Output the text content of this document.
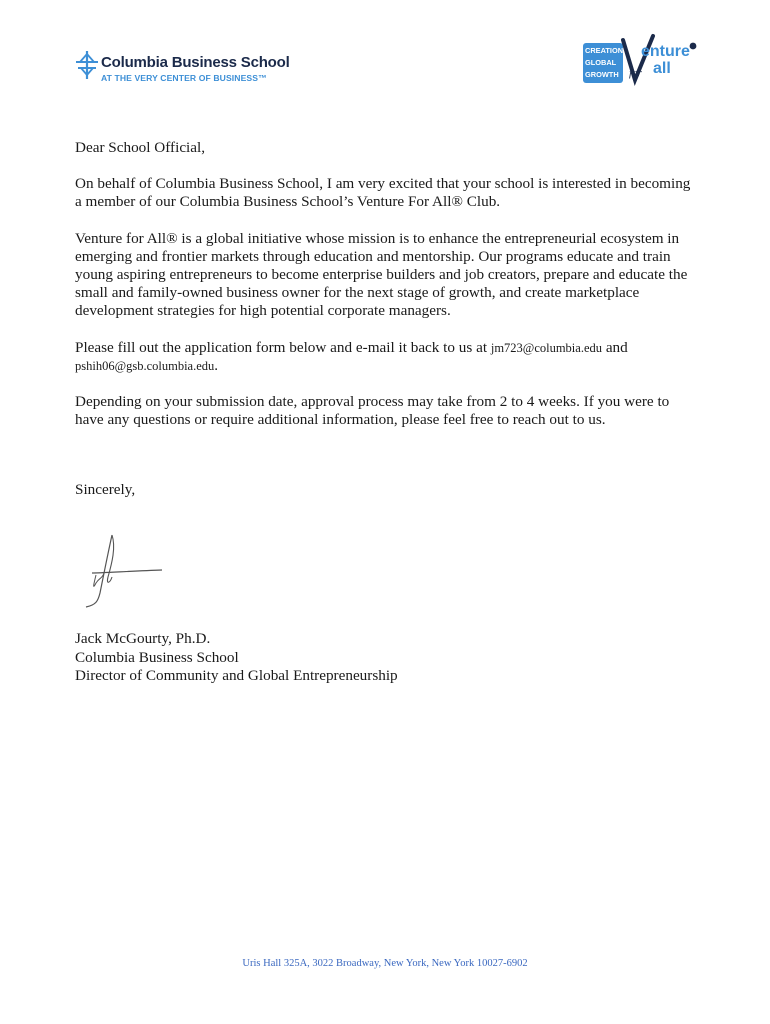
Columbia Business School
AT THE VERY CENTER OF BUSINESS™
CREATION
GLOBAL
GROWTH
enture
for all

Dear School Official,

On behalf of Columbia Business School, I am very excited that your school is interested in becoming a member of our Columbia Business School’s Venture For All® Club.

Venture for All® is a global initiative whose mission is to enhance the entrepreneurial ecosystem in emerging and frontier markets through education and mentorship. Our programs educate and train young aspiring entrepreneurs to become enterprise builders and job creators, prepare and educate the small and family-owned business owner for the next stage of growth, and create marketplace development strategies for high potential corporate managers.

Please fill out the application form below and e-mail it back to us at jm723@columbia.edu and
pshih06@gsb.columbia.edu.

Depending on your submission date, approval process may take from 2 to 4 weeks. If you were to have any questions or require additional information, please feel free to reach out to us.

Sincerely,
Jack McGourty, Ph.D.
Columbia Business School
Director of Community and Global Entrepreneurship
Uris Hall 325A, 3022 Broadway, New York, New York 10027-6902
